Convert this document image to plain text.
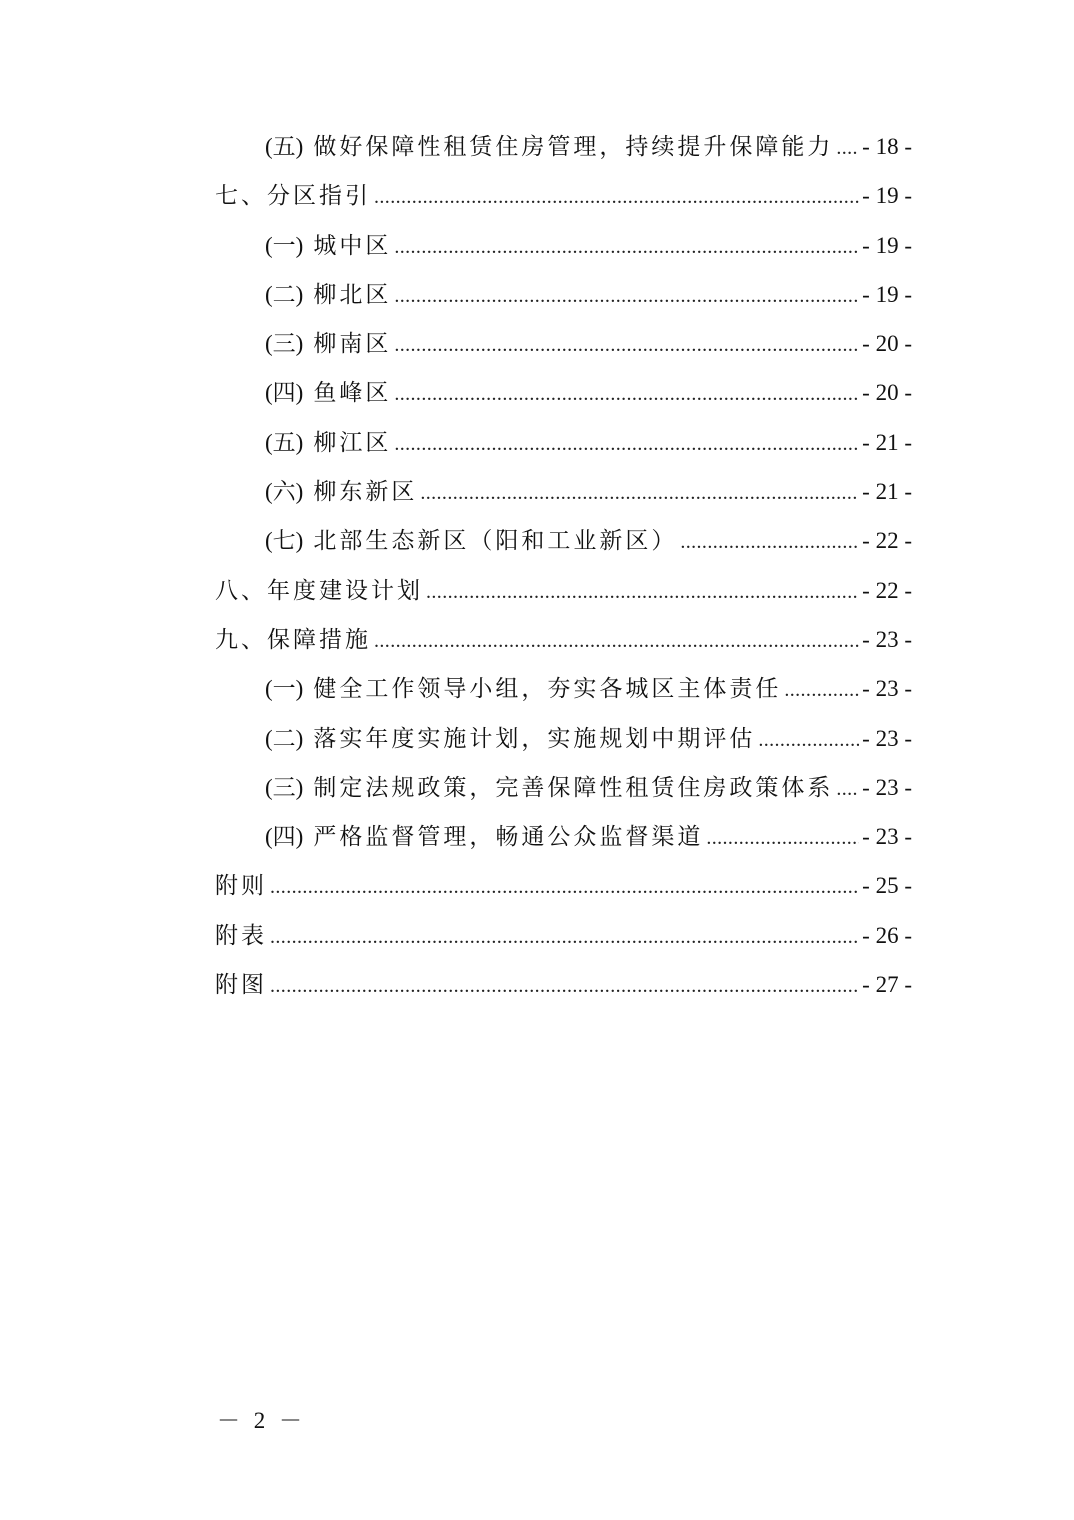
(五) 做好保障性租赁住房管理，持续提升保障能力 ..... - 18 -
七、 分区指引 .....	- 19 -
(一) 城中区 .....	- 19 -
(二) 柳北区 .....	- 19 -
(三) 柳南区 .....	- 20 -
(四) 鱼峰区 .....	- 20 -
(五) 柳江区 .....	- 21 -
(六) 柳东新区 .....	- 21 -
(七) 北部生态新区（阳和工业新区） .....	- 22 -
八、 年度建设计划 .....	- 22 -
九、 保障措施 .....	- 23 -
(一) 健全工作领导小组，夯实各城区主体责任 .....	- 23 -
(二) 落实年度实施计划，实施规划中期评估 .....	- 23 -
(三) 制定法规政策，完善保障性租赁住房政策体系 ..... - 23 -
(四) 严格监督管理，畅通公众监督渠道 .....	- 23 -
附则 .....	- 25 -
附表 .....	- 26 -
附图 .....	- 27 -
－ 2 －
